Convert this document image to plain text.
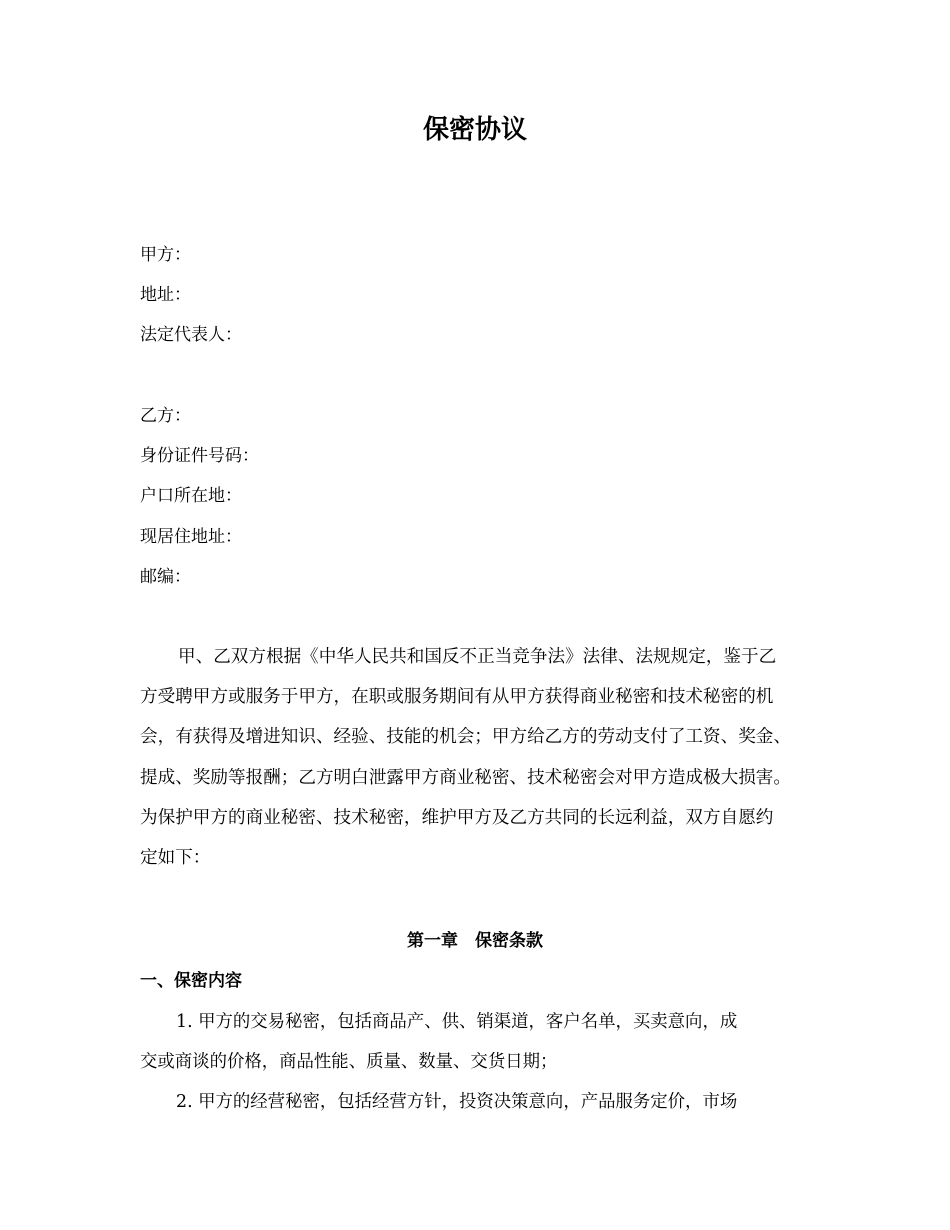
保密协议
甲方：
地址：
法定代表人：
乙方：
身份证件号码：
户口所在地：
现居住地址：
邮编：
甲、乙双方根据《中华人民共和国反不正当竞争法》法律、法规规定，鉴于乙
方受聘甲方或服务于甲方，在职或服务期间有从甲方获得商业秘密和技术秘密的机
会，有获得及增进知识、经验、技能的机会；甲方给乙方的劳动支付了工资、奖金、
提成、奖励等报酬；乙方明白泄露甲方商业秘密、技术秘密会对甲方造成极大损害。
为保护甲方的商业秘密、技术秘密，维护甲方及乙方共同的长远利益，双方自愿约
定如下：
第一章　保密条款
一、保密内容
1. 甲方的交易秘密，包括商品产、供、销渠道，客户名单，买卖意向，成
交或商谈的价格，商品性能、质量、数量、交货日期；
2. 甲方的经营秘密，包括经营方针，投资决策意向，产品服务定价，市场
